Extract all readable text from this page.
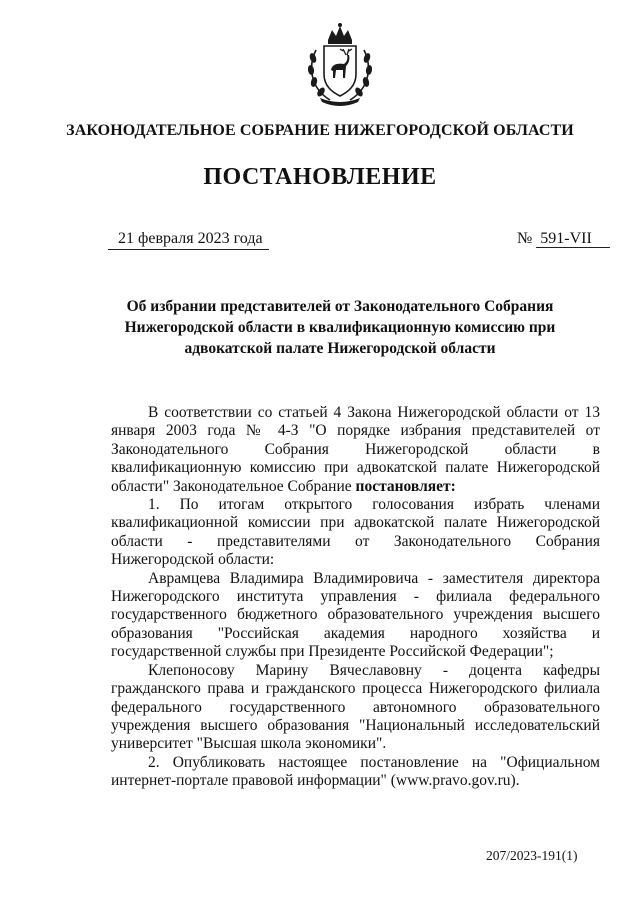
ЗАКОНОДАТЕЛЬНОЕ СОБРАНИЕ НИЖЕГОРОДСКОЙ ОБЛАСТИ
ПОСТАНОВЛЕНИЕ
21 февраля 2023 года	№ 591-VII
Об избрании представителей от Законодательного Собрания Нижегородской области в квалификационную комиссию при адвокатской палате Нижегородской области

В соответствии со статьей 4 Закона Нижегородской области от 13 января 2003 года № 4-З "О порядке избрания представителей от Законодательного Собрания Нижегородской области в квалификационную комиссию при адвокатской палате Нижегородской области" Законодательное Собрание постановляет:

1. По итогам открытого голосования избрать членами квалификационной комиссии при адвокатской палате Нижегородской области - представителями от Законодательного Собрания Нижегородской области:

Аврамцева Владимира Владимировича - заместителя директора Нижегородского института управления - филиала федерального государственного бюджетного образовательного учреждения высшего образования "Российская академия народного хозяйства и государственной службы при Президенте Российской Федерации";

Клепоносову Марину Вячеславовну - доцента кафедры гражданского права и гражданского процесса Нижегородского филиала федерального государственного автономного образовательного учреждения высшего образования "Национальный исследовательский университет "Высшая школа экономики".

2. Опубликовать настоящее постановление на "Официальном интернет-портале правовой информации" (www.pravo.gov.ru).

207/2023-191(1)
